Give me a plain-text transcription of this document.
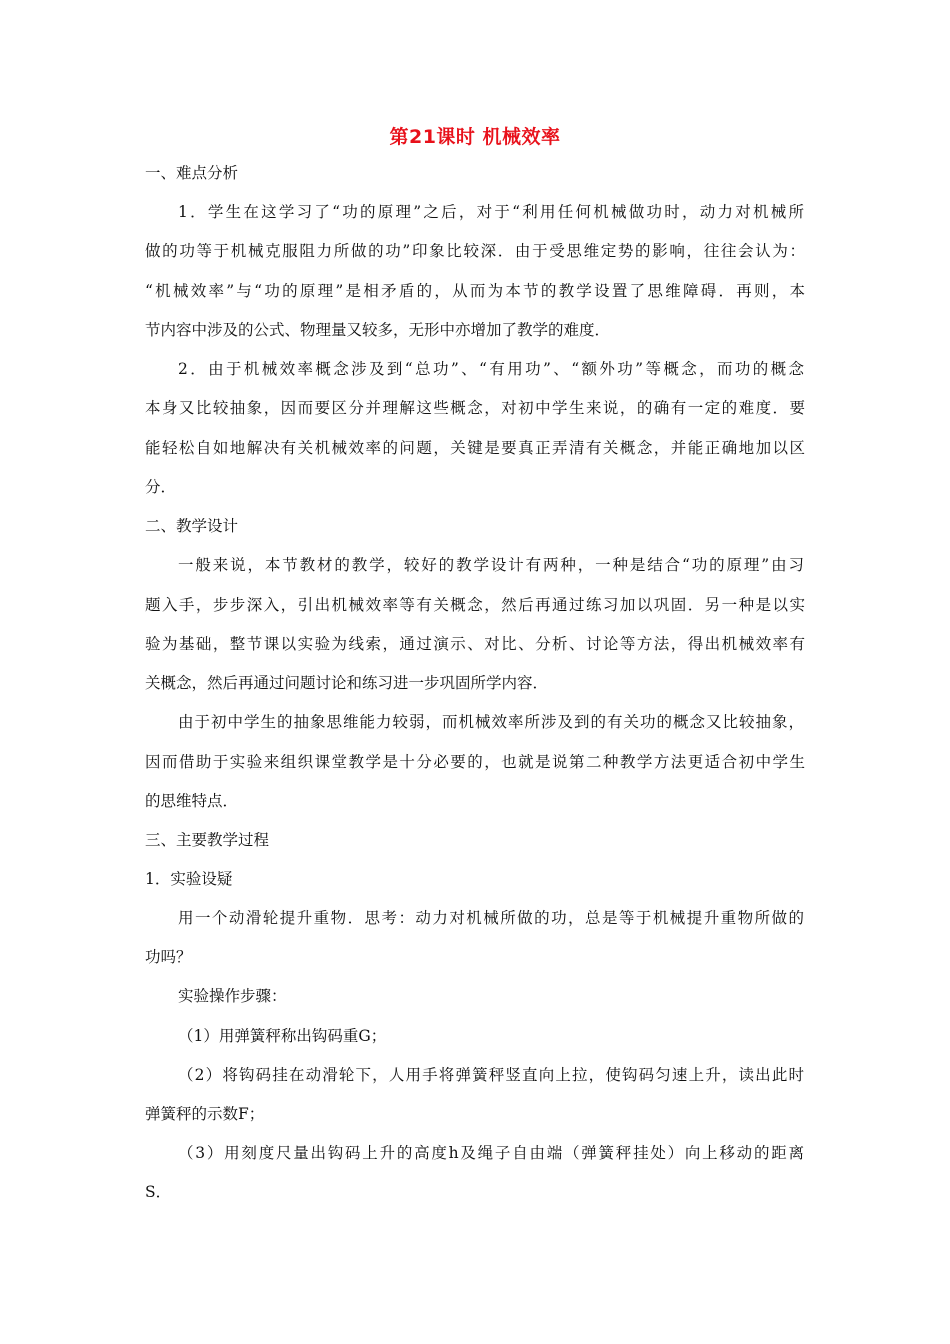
第21课时 机械效率
一、难点分析
1．学生在这学习了“功的原理”之后，对于“利用任何机械做功时，动力对机械所
做的功等于机械克服阻力所做的功”印象比较深．由于受思维定势的影响，往往会认为：
“机械效率”与“功的原理”是相矛盾的，从而为本节的教学设置了思维障碍．再则，本
节内容中涉及的公式、物理量又较多，无形中亦增加了教学的难度．
2．由于机械效率概念涉及到“总功”、“有用功”、“额外功”等概念，而功的概念
本身又比较抽象，因而要区分并理解这些概念，对初中学生来说，的确有一定的难度．要
能轻松自如地解决有关机械效率的问题，关键是要真正弄清有关概念，并能正确地加以区
分．
二、教学设计
一般来说，本节教材的教学，较好的教学设计有两种，一种是结合“功的原理”由习
题入手，步步深入，引出机械效率等有关概念，然后再通过练习加以巩固．另一种是以实
验为基础，整节课以实验为线索，通过演示、对比、分析、讨论等方法，得出机械效率有
关概念，然后再通过问题讨论和练习进一步巩固所学内容．
由于初中学生的抽象思维能力较弱，而机械效率所涉及到的有关功的概念又比较抽象，
因而借助于实验来组织课堂教学是十分必要的，也就是说第二种教学方法更适合初中学生
的思维特点．
三、主要教学过程
1．实验设疑
用一个动滑轮提升重物．思考：动力对机械所做的功，总是等于机械提升重物所做的
功吗？
实验操作步骤：
（1）用弹簧秤称出钩码重G；
（2）将钩码挂在动滑轮下，人用手将弹簧秤竖直向上拉，使钩码匀速上升，读出此时
弹簧秤的示数F；
（3）用刻度尺量出钩码上升的高度h及绳子自由端（弹簧秤挂处）向上移动的距离
S．
